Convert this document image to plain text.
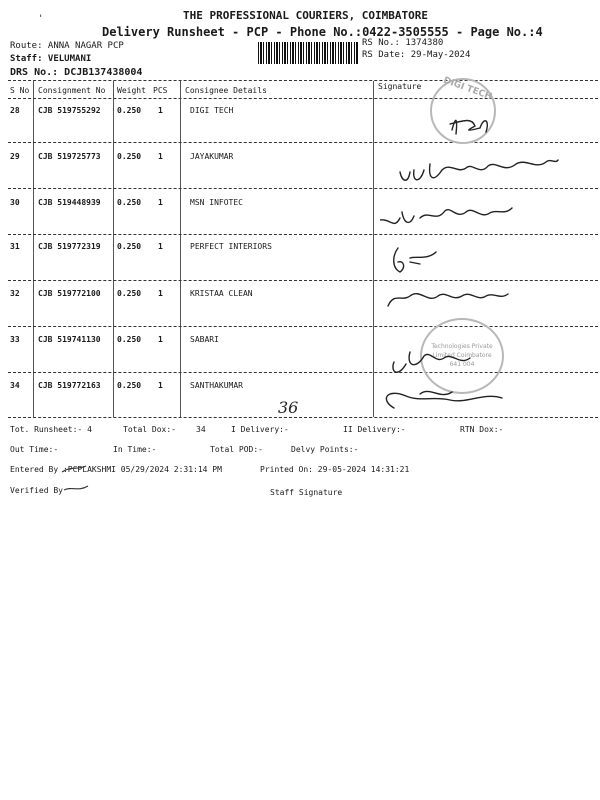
'	THE PROFESSIONAL COURIERS, COIMBATORE
Delivery Runsheet - PCP - Phone No.:0422-3505555 - Page No.:4
Route: ANNA NAGAR PCP
Staff: VELUMANI
DRS No.: DCJB137438004
RS No.: 1374380
RS Date: 29-May-2024
S No Consignment No Weight PCS Consignee Details	Signature
28 CJB 519755292 0.250 1	DIGI TECH
29 CJB 519725773 0.250 1	JAYAKUMAR
30 CJB 519448939 0.250 1	MSN INFOTEC
31 CJB 519772319 0.250 1	PERFECT INTERIORS
32 CJB 519772100 0.250 1	KRISTAA CLEAN
33 CJB 519741130 0.250 1	SABARI
34 CJB 519772163 0.250 1	SANTHAKUMAR
36
DIGI TECH
Technologies Private Limited Coimbatore 641 004
Tot. Runsheet:- 4	Total Dox:-	34	I Delivery:-	II Delivery:-	RTN Dox:-
Out Time:-	In Time:-	Total POD:-	Delvy Points:-
Entered By :PCPLAKSHMI 05/29/2024 2:31:14 PM	Printed On: 29-05-2024 14:31:21
Verified By	Staff Signature
